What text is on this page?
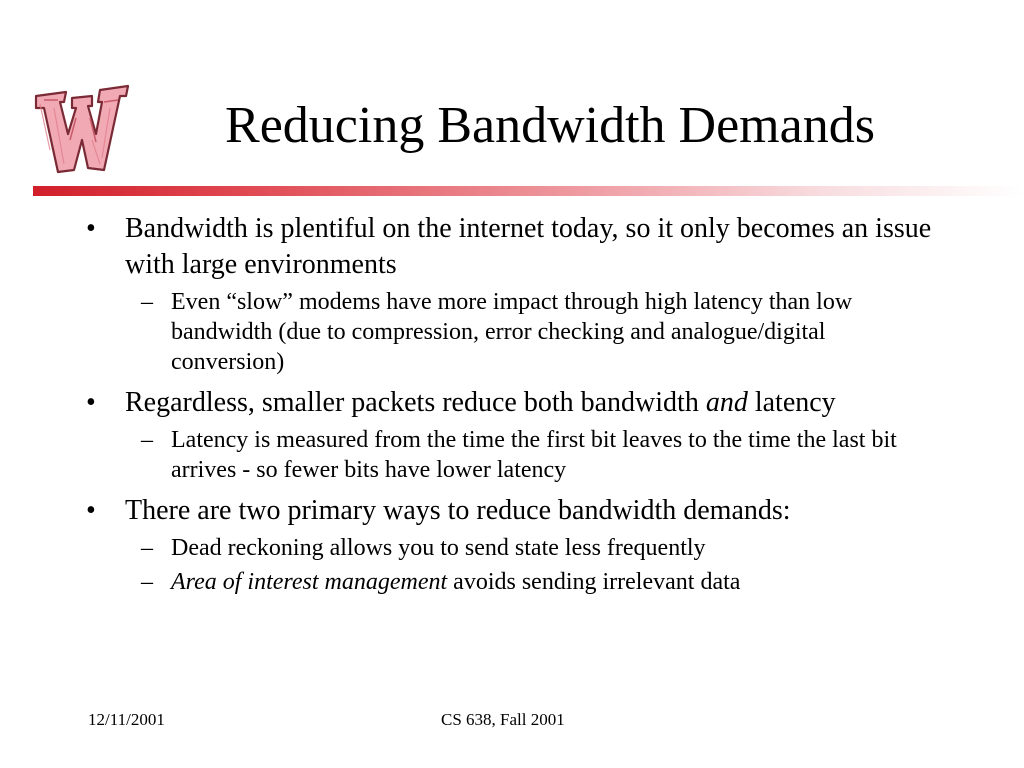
Reducing Bandwidth Demands
• Bandwidth is plentiful on the internet today, so it only becomes an issue with large environments
– Even “slow” modems have more impact through high latency than low bandwidth (due to compression, error checking and analogue/digital conversion)
• Regardless, smaller packets reduce both bandwidth and latency
– Latency is measured from the time the first bit leaves to the time the last bit arrives - so fewer bits have lower latency
• There are two primary ways to reduce bandwidth demands:
– Dead reckoning allows you to send state less frequently
– Area of interest management avoids sending irrelevant data
12/11/2001	CS 638, Fall 2001
